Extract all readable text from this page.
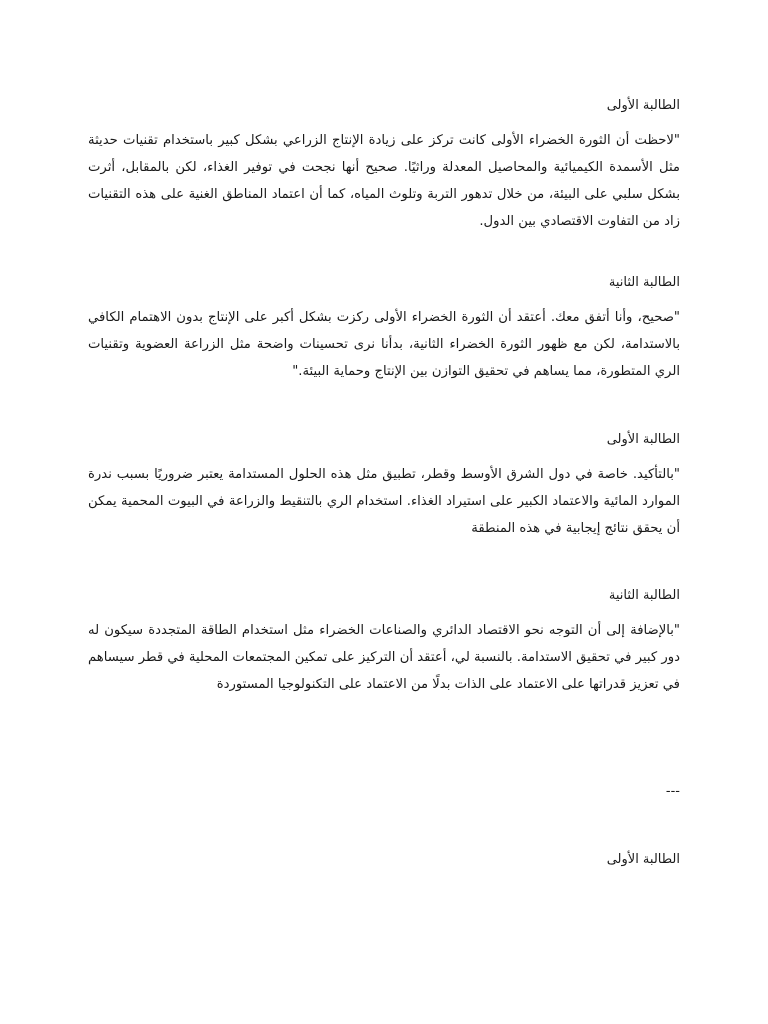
الطالبة الأولى

"لاحظت أن الثورة الخضراء الأولى كانت تركز على زيادة الإنتاج الزراعي بشكل كبير باستخدام تقنيات حديثة مثل الأسمدة الكيميائية والمحاصيل المعدلة وراثيًا. صحيح أنها نجحت في توفير الغذاء، لكن بالمقابل، أثرت بشكل سلبي على البيئة، من خلال تدهور التربة وتلوث المياه، كما أن اعتماد المناطق الغنية على هذه التقنيات زاد من التفاوت الاقتصادي بين الدول.

الطالبة الثانية

"صحيح، وأنا أتفق معك. أعتقد أن الثورة الخضراء الأولى ركزت بشكل أكبر على الإنتاج بدون الاهتمام الكافي بالاستدامة، لكن مع ظهور الثورة الخضراء الثانية، بدأنا نرى تحسينات واضحة مثل الزراعة العضوية وتقنيات الري المتطورة، مما يساهم في تحقيق التوازن بين الإنتاج وحماية البيئة."

الطالبة الأولى

"بالتأكيد. خاصة في دول الشرق الأوسط وقطر، تطبيق مثل هذه الحلول المستدامة يعتبر ضروريًا بسبب ندرة الموارد المائية والاعتماد الكبير على استيراد الغذاء. استخدام الري بالتنقيط والزراعة في البيوت المحمية يمكن أن يحقق نتائج إيجابية في هذه المنطقة

الطالبة الثانية

"بالإضافة إلى أن التوجه نحو الاقتصاد الدائري والصناعات الخضراء مثل استخدام الطاقة المتجددة سيكون له دور كبير في تحقيق الاستدامة. بالنسبة لي، أعتقد أن التركيز على تمكين المجتمعات المحلية في قطر سيساهم في تعزيز قدراتها على الاعتماد على الذات بدلًا من الاعتماد على التكنولوجيا المستوردة

---

الطالبة الأولى
